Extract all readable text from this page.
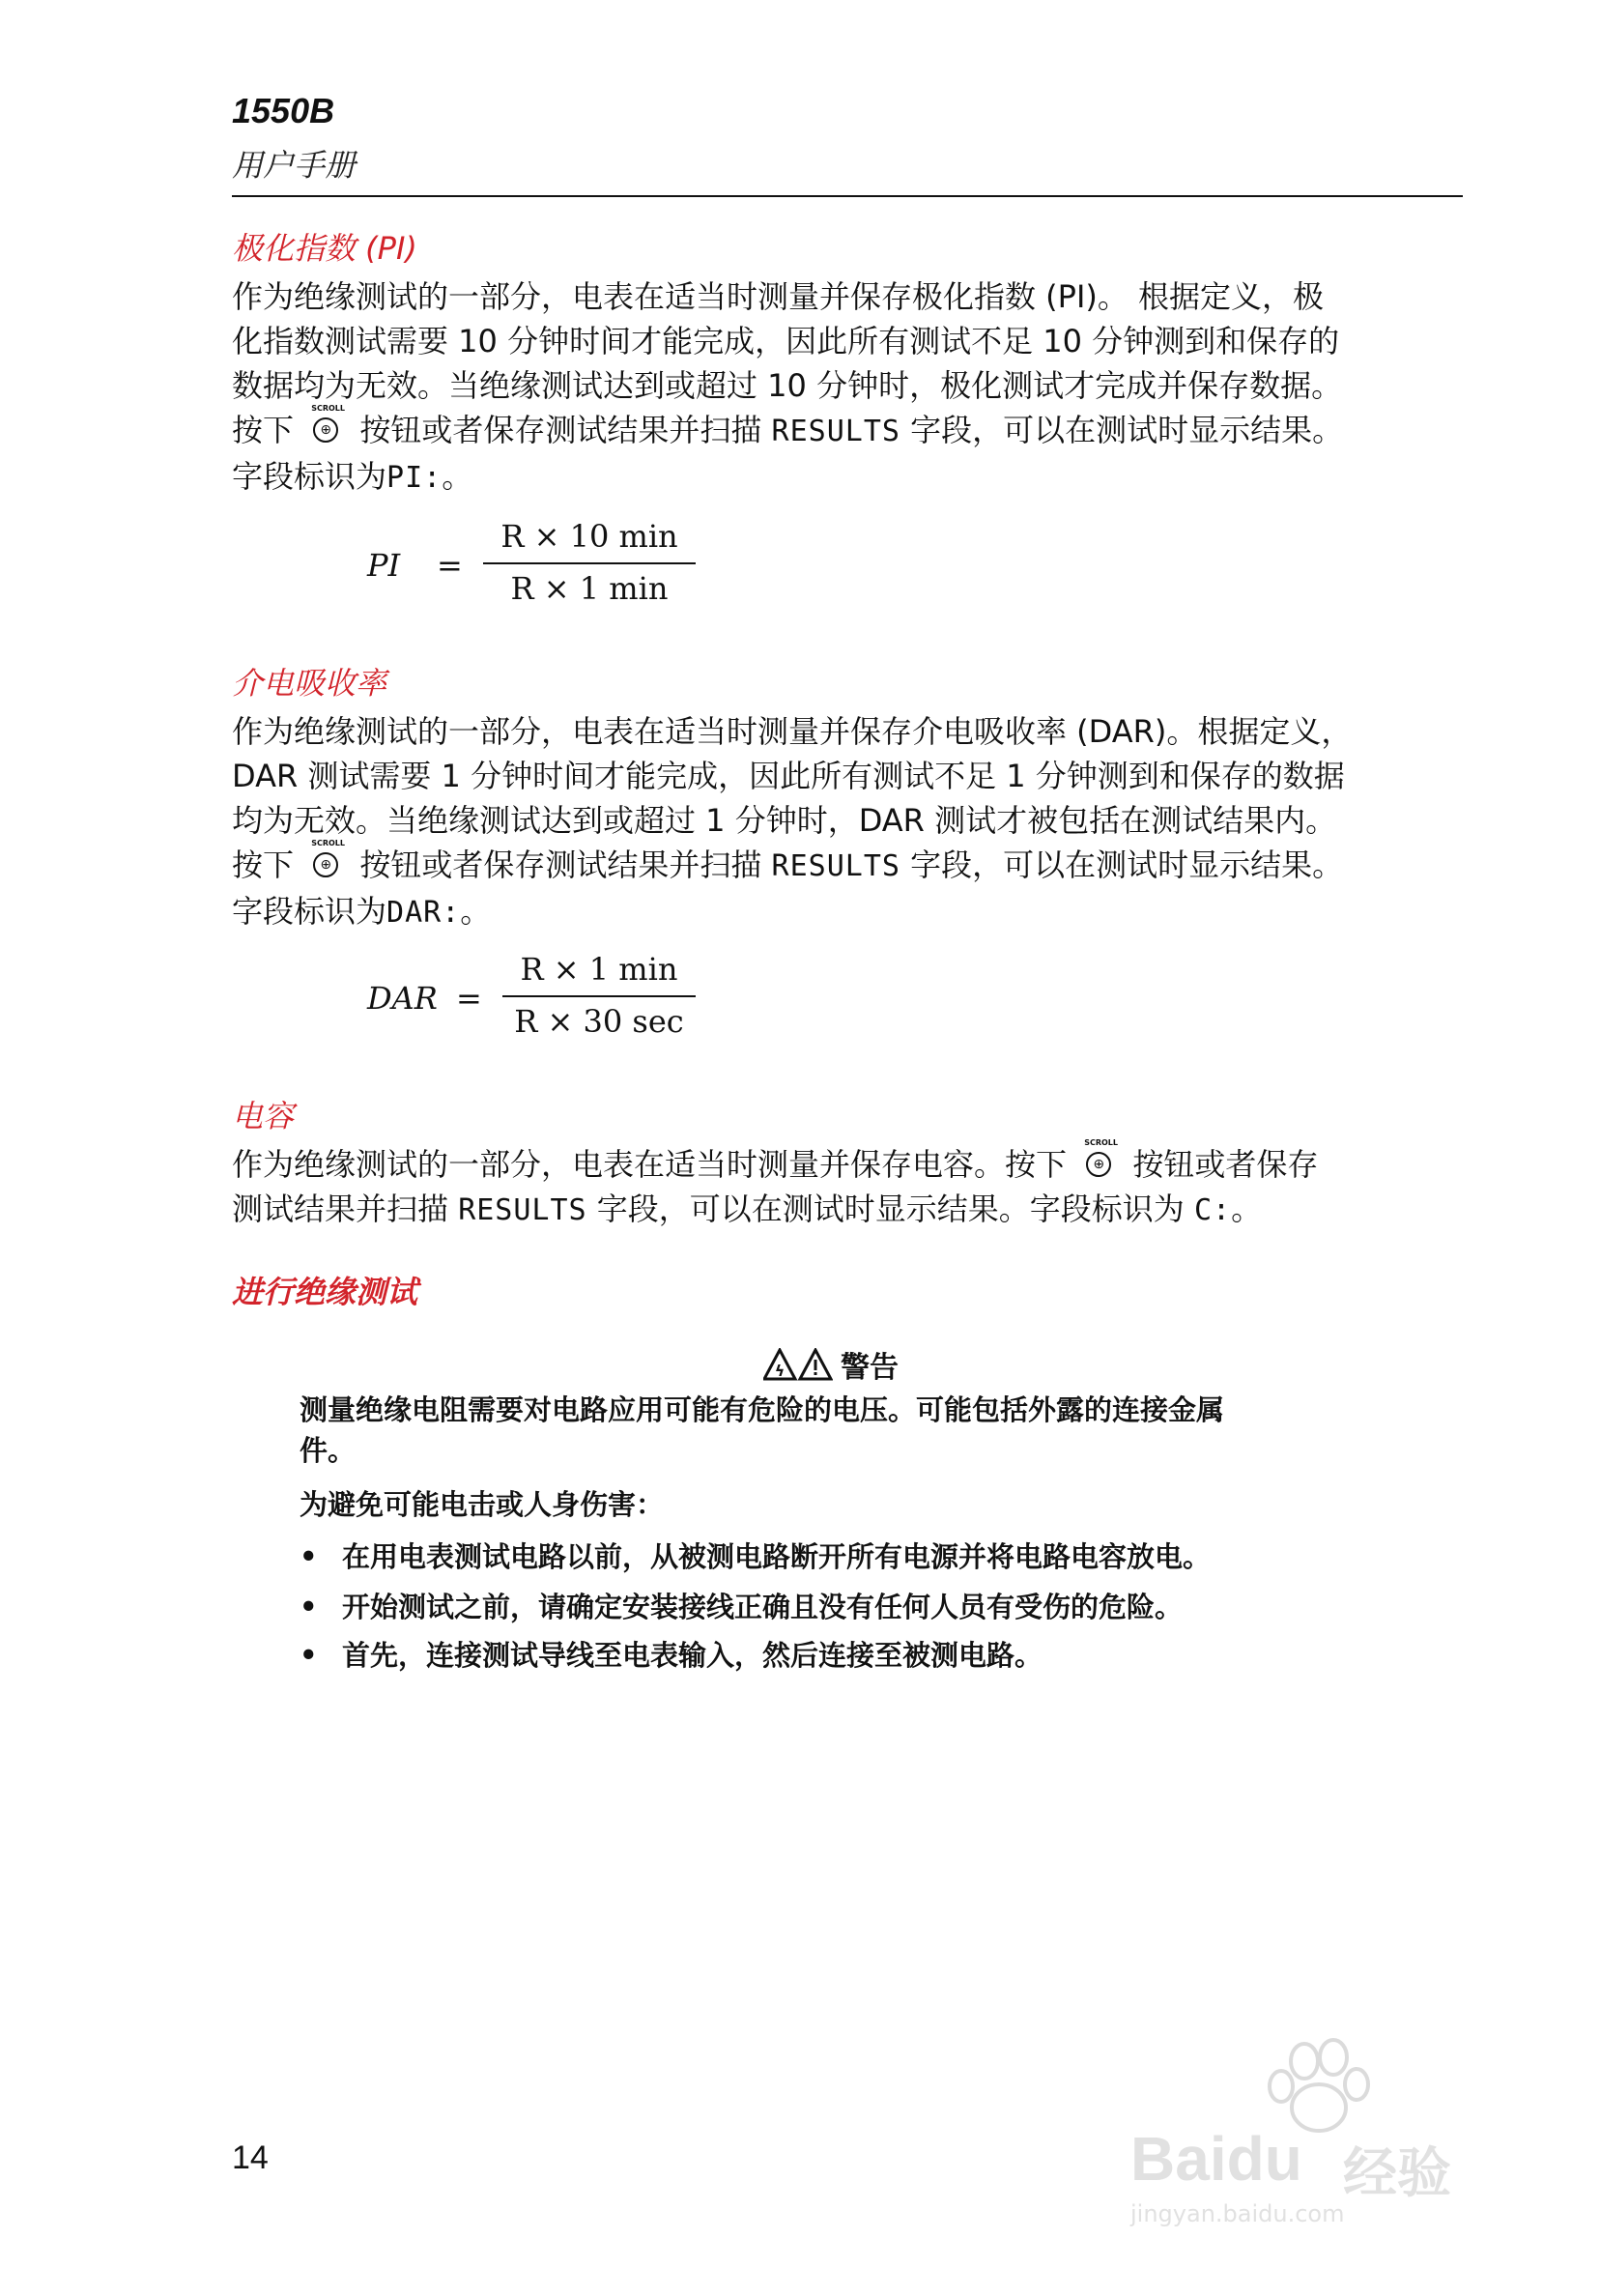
1550B
用户手册
极化指数 (PI)
作为绝缘测试的一部分，电表在适当时测量并保存极化指数 (PI)。 根据定义，极
化指数测试需要 10 分钟时间才能完成，因此所有测试不足 10 分钟测到和保存的
数据均为无效。当绝缘测试达到或超过 10 分钟时，极化测试才完成并保存数据。
按下
SCROLL
⊕ 按钮或者保存测试结果并扫描 RESULTS 字段，可以在测试时显示结果。
字段标识为PI:。
PI =
R × 10 min
R × 1 min
介电吸收率
作为绝缘测试的一部分，电表在适当时测量并保存介电吸收率 (DAR)。根据定义，
DAR 测试需要 1 分钟时间才能完成，因此所有测试不足 1 分钟测到和保存的数据
均为无效。当绝缘测试达到或超过 1 分钟时，DAR 测试才被包括在测试结果内。
按下
SCROLL
⊕ 按钮或者保存测试结果并扫描 RESULTS 字段，可以在测试时显示结果。
字段标识为DAR:。
DAR =
R × 1 min
R × 30 sec
电容
作为绝缘测试的一部分，电表在适当时测量并保存电容。按下
SCROLL
⊕ 按钮或者保存
测试结果并扫描 RESULTS 字段，可以在测试时显示结果。字段标识为 C:。
进行绝缘测试
ϟ 警告
测量绝缘电阻需要对电路应用可能有危险的电压。可能包括外露的连接金属
件。
为避免可能电击或人身伤害：
• 在用电表测试电路以前，从被测电路断开所有电源并将电路电容放电。
• 开始测试之前，请确定安装接线正确且没有任何人员有受伤的危险。
• 首先，连接测试导线至电表输入，然后连接至被测电路。
14	Baidu 经验
jingyan.baidu.com
